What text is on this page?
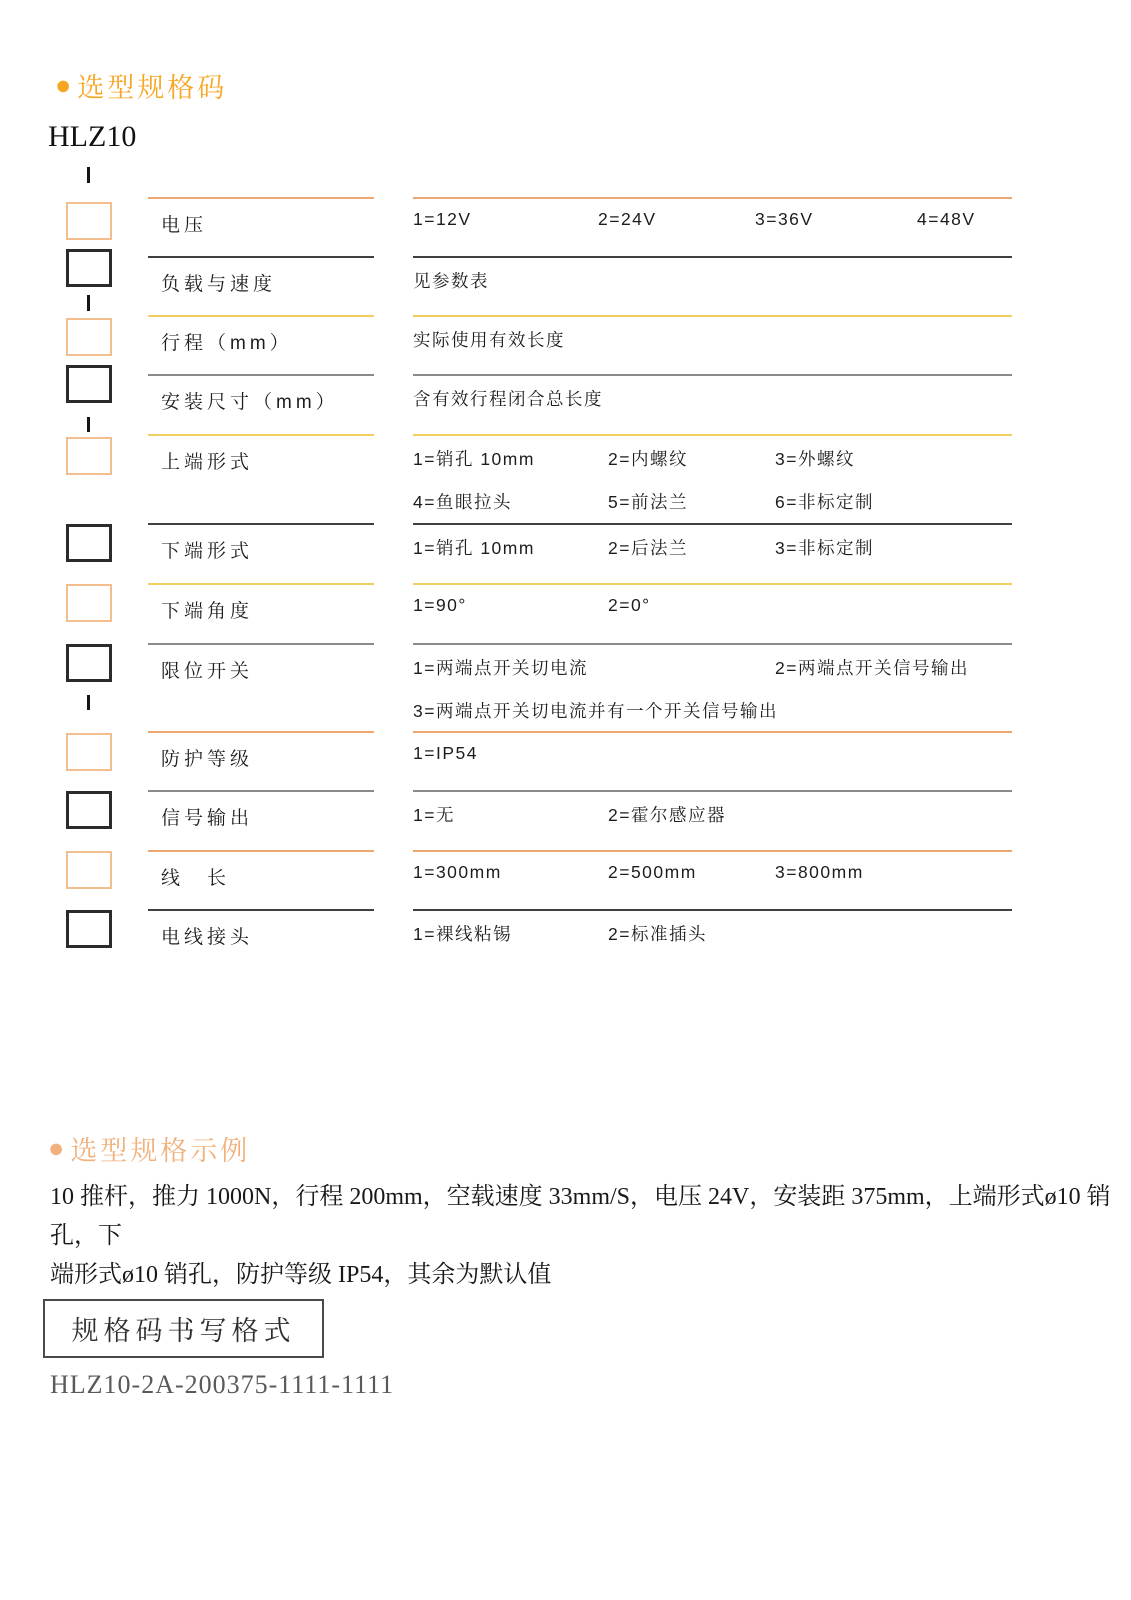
● 选型规格码
HLZ10
电压	1=12V	2=24V	3=36V	4=48V
负载与速度	见参数表
行程（mm）	实际使用有效长度
安装尺寸（mm）	含有效行程闭合总长度
上端形式	1=销孔 10mm	2=内螺纹	3=外螺纹
4=鱼眼拉头	5=前法兰	6=非标定制
下端形式	1=销孔 10mm	2=后法兰	3=非标定制
下端角度	1=90°	2=0°
限位开关	1=两端点开关切电流	2=两端点开关信号输出
3=两端点开关切电流并有一个开关信号输出
防护等级	1=IP54
信号输出	1=无	2=霍尔感应器
线　长	1=300mm	2=500mm	3=800mm
电线接头	1=裸线粘锡	2=标准插头
● 选型规格示例
10 推杆，推力 1000N，行程 200mm，空载速度 33mm/S，电压 24V，安装距 375mm，上端形式ø10 销孔，下
端形式ø10 销孔，防护等级 IP54，其余为默认值
规格码书写格式
HLZ10-2A-200375-1111-1111
